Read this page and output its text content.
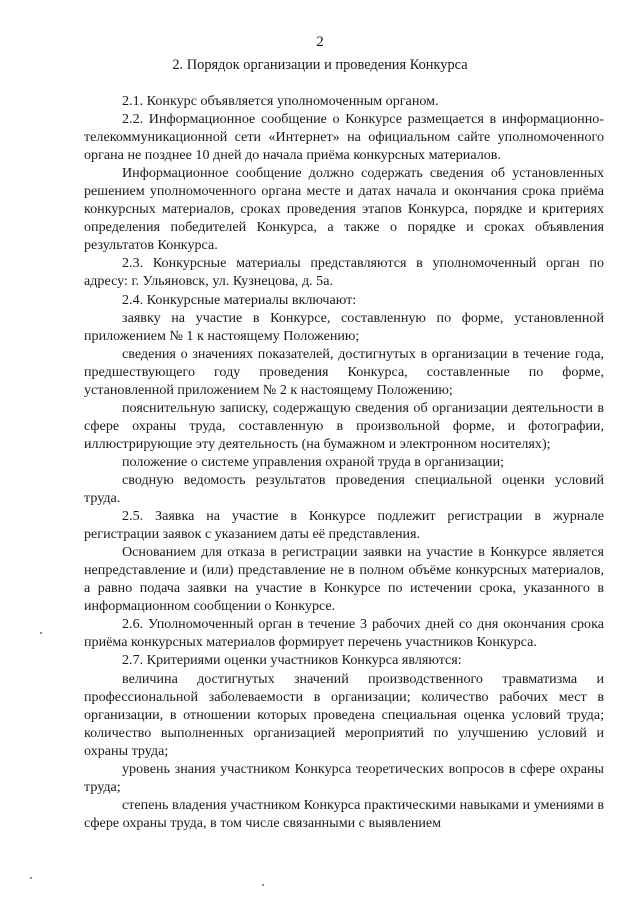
2
2. Порядок организации и проведения Конкурса

2.1. Конкурс объявляется уполномоченным органом.

2.2. Информационное сообщение о Конкурсе размещается в информационно-телекоммуникационной сети «Интернет» на официальном сайте уполномоченного органа не позднее 10 дней до начала приёма конкурсных материалов.

Информационное сообщение должно содержать сведения об установленных решением уполномоченного органа месте и датах начала и окончания срока приёма конкурсных материалов, сроках проведения этапов Конкурса, порядке и критериях определения победителей Конкурса, а также о порядке и сроках объявления результатов Конкурса.

2.3. Конкурсные материалы представляются в уполномоченный орган по адресу: г. Ульяновск, ул. Кузнецова, д. 5а.

2.4. Конкурсные материалы включают:

заявку на участие в Конкурсе, составленную по форме, установленной приложением № 1 к настоящему Положению;

сведения о значениях показателей, достигнутых в организации в течение года, предшествующего году проведения Конкурса, составленные по форме, установленной приложением № 2 к настоящему Положению;

пояснительную записку, содержащую сведения об организации деятельности в сфере охраны труда, составленную в произвольной форме, и фотографии, иллюстрирующие эту деятельность (на бумажном и электронном носителях);

положение о системе управления охраной труда в организации;

сводную ведомость результатов проведения специальной оценки условий труда.

2.5. Заявка на участие в Конкурсе подлежит регистрации в журнале регистрации заявок с указанием даты её представления.

Основанием для отказа в регистрации заявки на участие в Конкурсе является непредставление и (или) представление не в полном объёме конкурсных материалов, а равно подача заявки на участие в Конкурсе по истечении срока, указанного в информационном сообщении о Конкурсе.

2.6. Уполномоченный орган в течение 3 рабочих дней со дня окончания срока приёма конкурсных материалов формирует перечень участников Конкурса.

2.7. Критериями оценки участников Конкурса являются:

величина достигнутых значений производственного травматизма и профессиональной заболеваемости в организации; количество рабочих мест в организации, в отношении которых проведена специальная оценка условий труда; количество выполненных организацией мероприятий по улучшению условий и охраны труда;

уровень знания участником Конкурса теоретических вопросов в сфере охраны труда;

степень владения участником Конкурса практическими навыками и умениями в сфере охраны труда, в том числе связанными с выявлением
